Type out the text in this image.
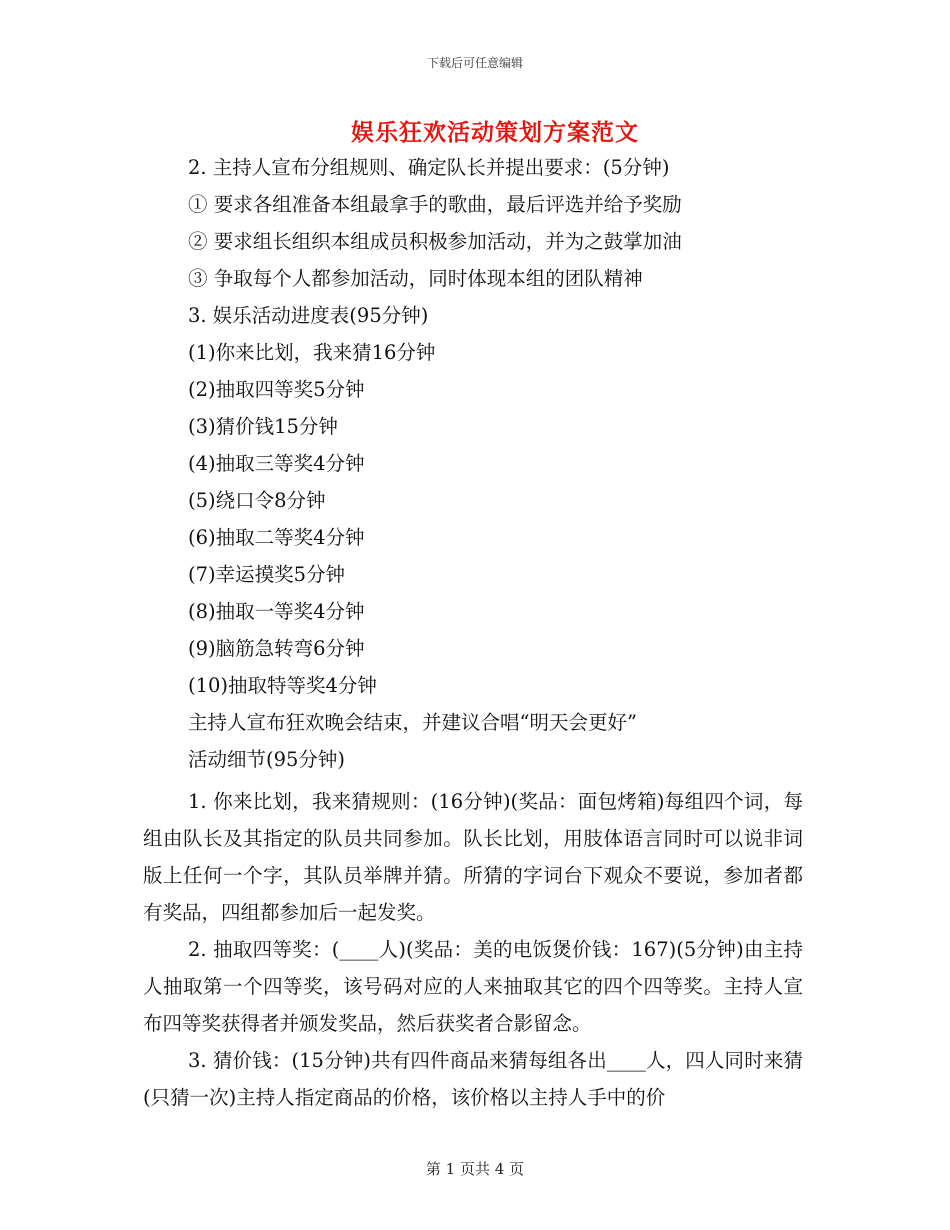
下载后可任意编辑
娱乐狂欢活动策划方案范文
2. 主持人宣布分组规则、确定队长并提出要求：(5分钟)
① 要求各组准备本组最拿手的歌曲，最后评选并给予奖励
② 要求组长组织本组成员积极参加活动，并为之鼓掌加油
③ 争取每个人都参加活动，同时体现本组的团队精神
3. 娱乐活动进度表(95分钟)
(1)你来比划，我来猜16分钟
(2)抽取四等奖5分钟
(3)猜价钱15分钟
(4)抽取三等奖4分钟
(5)绕口令8分钟
(6)抽取二等奖4分钟
(7)幸运摸奖5分钟
(8)抽取一等奖4分钟
(9)脑筋急转弯6分钟
(10)抽取特等奖4分钟
主持人宣布狂欢晚会结束，并建议合唱“明天会更好”
活动细节(95分钟)
1. 你来比划，我来猜规则：(16分钟)(奖品：面包烤箱)每组四个词，每组由队长及其指定的队员共同参加。队长比划，用肢体语言同时可以说非词版上任何一个字，其队员举牌并猜。所猜的字词台下观众不要说，参加者都有奖品，四组都参加后一起发奖。
2. 抽取四等奖：(____人)(奖品：美的电饭煲价钱：167)(5分钟)由主持人抽取第一个四等奖，该号码对应的人来抽取其它的四个四等奖。主持人宣布四等奖获得者并颁发奖品，然后获奖者合影留念。
3. 猜价钱：(15分钟)共有四件商品来猜每组各出____人，四人同时来猜(只猜一次)主持人指定商品的价格，该价格以主持人手中的价
第 1 页共 4 页
